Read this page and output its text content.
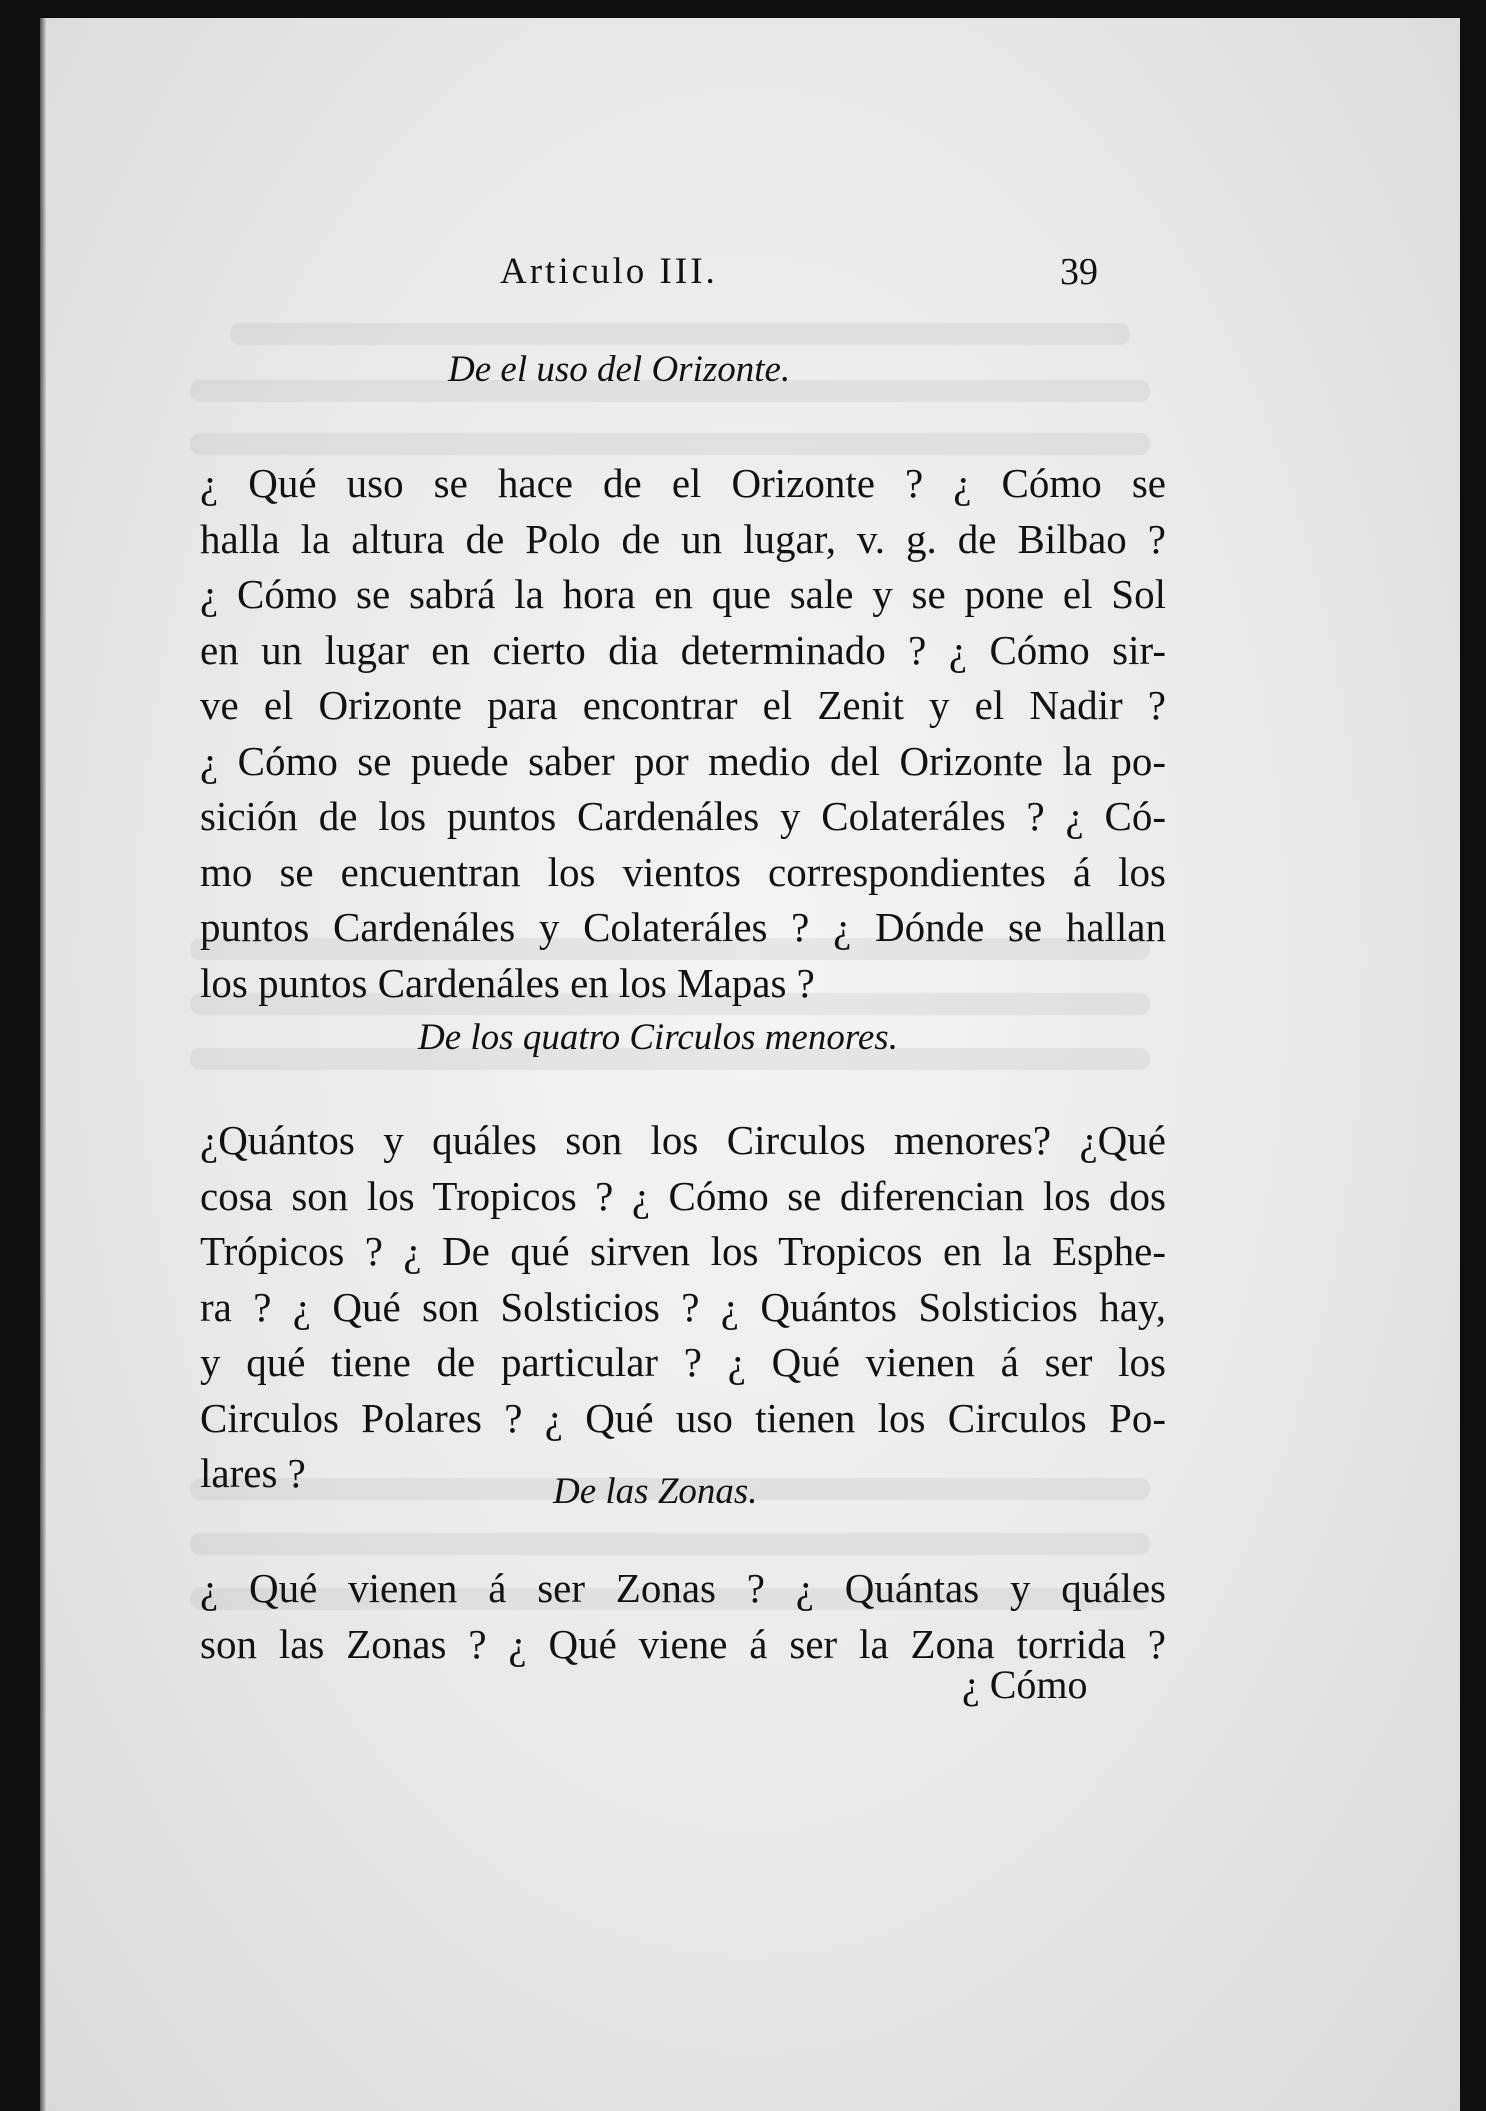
Articulo III.	39
De el uso del Orizonte.
¿ Qué uso se hace de el Orizonte ? ¿ Cómo se
halla la altura de Polo de un lugar, v. g. de Bilbao ?
¿ Cómo se sabrá la hora en que sale y se pone el Sol
en un lugar en cierto dia determinado ? ¿ Cómo sir-
ve el Orizonte para encontrar el Zenit y el Nadir ?
¿ Cómo se puede saber por medio del Orizonte la po-
sición de los puntos Cardenáles y Colateráles ? ¿ Có-
mo se encuentran los vientos correspondientes á los
puntos Cardenáles y Colateráles ? ¿ Dónde se hallan
los puntos Cardenáles en los Mapas ?
De los quatro Circulos menores.
¿Quántos y quáles son los Circulos menores? ¿Qué
cosa son los Tropicos ? ¿ Cómo se diferencian los dos
Trópicos ? ¿ De qué sirven los Tropicos en la Esphe-
ra ? ¿ Qué son Solsticios ? ¿ Quántos Solsticios hay,
y qué tiene de particular ? ¿ Qué vienen á ser los
Circulos Polares ? ¿ Qué uso tienen los Circulos Po-
lares ?	De las Zonas.
¿ Qué vienen á ser Zonas ? ¿ Quántas y quáles
son las Zonas ? ¿ Qué viene á ser la Zona torrida ?
¿ Cómo
